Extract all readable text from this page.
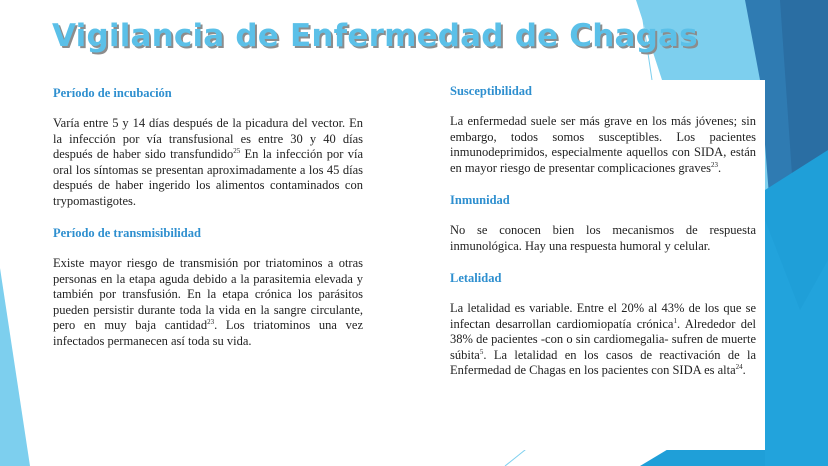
Vigilancia de Enfermedad de Chagas
Período de incubación

Varía entre 5 y 14 días después de la picadura del vector. En la infección por vía transfusional es entre 30 y 40 días después de haber sido transfundido$^{25}$ En la infección por vía oral los síntomas se presentan aproximadamente a los 45 días después de haber ingerido los alimentos contaminados con trypomastigotes.

Período de transmisibilidad

Existe mayor riesgo de transmisión por triatominos a otras personas en la etapa aguda debido a la parasitemia elevada y también por transfusión. En la etapa crónica los parásitos pueden persistir durante toda la vida en la sangre circulante, pero en muy baja cantidad$^{23}$. Los triatominos una vez infectados permanecen así toda su vida.

Susceptibilidad

La enfermedad suele ser más grave en los más jóvenes; sin embargo, todos somos susceptibles. Los pacientes inmunodeprimidos, especialmente aquellos con SIDA, están en mayor riesgo de presentar complicaciones graves$^{23}$.

Inmunidad

No se conocen bien los mecanismos de respuesta inmunológica. Hay una respuesta humoral y celular.

Letalidad

La letalidad es variable. Entre el 20% al 43% de los que se infectan desarrollan cardiomiopatía crónica$^1$. Alrededor del 38% de pacientes -con o sin cardiomegalia- sufren de muerte súbita$^5$. La letalidad en los casos de reactivación de la Enfermedad de Chagas en los pacientes con SIDA es alta$^{24}$.
